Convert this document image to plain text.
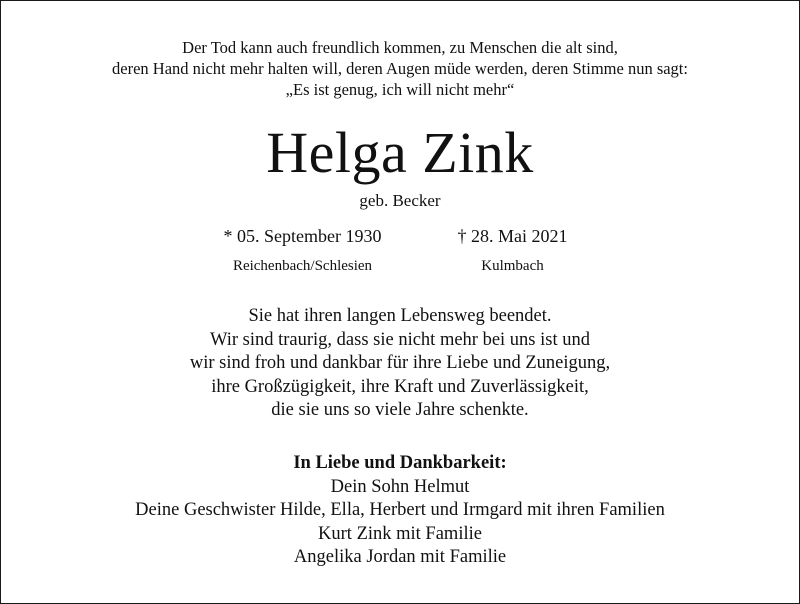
Der Tod kann auch freundlich kommen, zu Menschen die alt sind,
deren Hand nicht mehr halten will, deren Augen müde werden, deren Stimme nun sagt:
„Es ist genug, ich will nicht mehr“
Helga Zink
geb. Becker
* 05. September 1930	† 28. Mai 2021
Reichenbach/Schlesien	Kulmbach
Sie hat ihren langen Lebensweg beendet.
Wir sind traurig, dass sie nicht mehr bei uns ist und
wir sind froh und dankbar für ihre Liebe und Zuneigung,
ihre Großzügigkeit, ihre Kraft und Zuverlässigkeit,
die sie uns so viele Jahre schenkte.
In Liebe und Dankbarkeit:
Dein Sohn Helmut
Deine Geschwister Hilde, Ella, Herbert und Irmgard mit ihren Familien
Kurt Zink mit Familie
Angelika Jordan mit Familie
